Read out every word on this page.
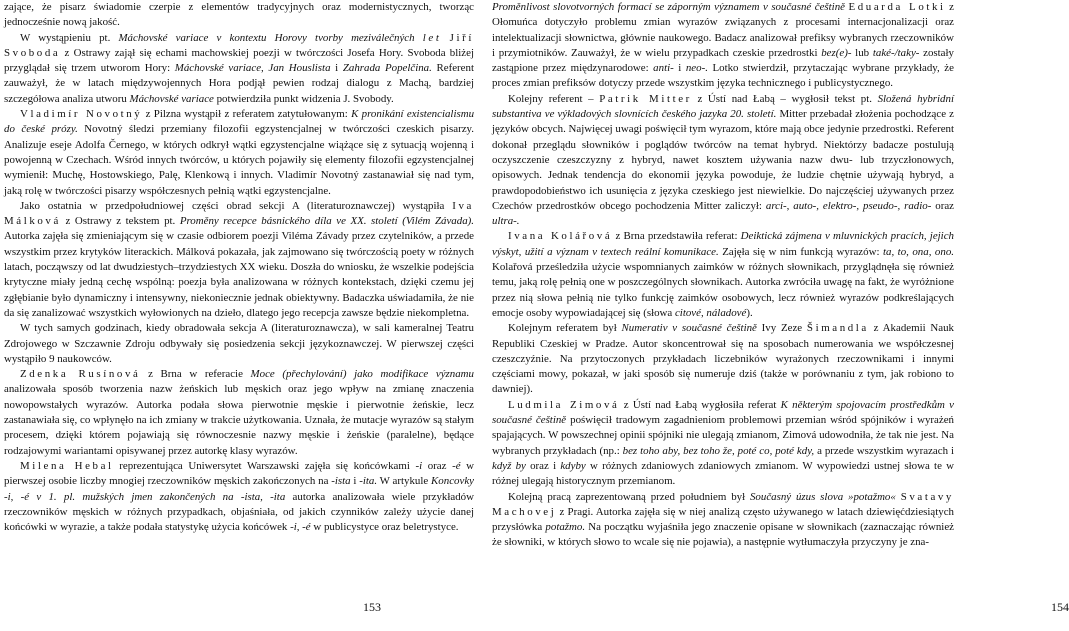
zające, że pisarz świadomie czerpie z elementów tradycyjnych oraz modernistycznych, tworząc jednocześnie nową jakość.

W wystąpieniu pt. Máchovské variace v kontextu Horovy tvorby meziválečných let Jiří Svoboda z Ostrawy zajął się echami machowskiej poezji w twórczości Josefa Hory. Svoboda bliżej przyglądał się trzem utworom Hory: Máchovské variace, Jan Houslista i Zahrada Popelčina. Referent zauważył, że w latach międzywojennych Hora podjął pewien rodzaj dialogu z Machą, bardziej szczegółowa analiza utworu Máchovské variace potwierdziła punkt widzenia J. Svobody.

Vladimír Novotný z Pilzna wystąpił z referatem zatytułowanym: K pronikání existencialismu do české prózy. Novotný śledzi przemiany filozofii egzystencjalnej w twórczości czeskich pisarzy. Analizuje eseje Adolfa Černego, w których odkrył wątki egzystencjalne wiążące się z sytuacją wojenną i powojenną w Czechach. Wśród innych twórców, u których pojawiły się elementy filozofii egzystencjalnej wymienił: Muchę, Hostowskiego, Palę, Klenkową i innych. Vladimír Novotný zastanawiał się nad tym, jaką rolę w twórczości pisarzy współczesnych pełnią wątki egzystencjalne.

Jako ostatnia w przedpołudniowej części obrad sekcji A (literaturoznawczej) wystąpiła Iva Málková z Ostrawy z tekstem pt. Proměny recepce básnického díla ve XX. století (Vilém Závada). Autorka zajęła się zmieniającym się w czasie odbiorem poezji Viléma Závady przez czytelników, a przede wszystkim przez krytyków literackich. Málková pokazała, jak zajmowano się twórczością poety w różnych latach, począwszy od lat dwudziestych–trzydziestych XX wieku. Doszła do wniosku, że wszelkie podejścia krytyczne miały jedną cechę wspólną: poezja była analizowana w różnych kontekstach, dzięki czemu jej zgłębianie było dynamiczny i intensywny, niekoniecznie jednak obiektywny. Badaczka uświadamiła, że nie da się zanalizować wszystkich wyłowionych na dzieło, dlatego jego recepcja zawsze będzie niekompletna.

W tych samych godzinach, kiedy obradowała sekcja A (literaturoznawcza), w sali kameralnej Teatru Zdrojowego w Szczawnie Zdroju odbywały się posiedzenia sekcji językoznawczej. W pierwszej części wystąpiło 9 naukowców.

Zdenka Rusínová z Brna w referacie Moce (přechylování) jako modifikace významu analizowała sposób tworzenia nazw żeńskich lub męskich oraz jego wpływ na zmianę znaczenia nowopowstałych wyrazów. Autorka podała słowa pierwotnie męskie i pierwotnie żeńskie, lecz zastanawiała się, co wpłynęło na ich zmiany w trakcie użytkowania. Uznała, że mutacje wyrazów są stałym procesem, dzięki którem pojawiają się równoczesnie nazwy męskie i żeńskie (paralelne), będące rodzajowymi wariantami opisywanej przez autorkę klasy wyrazów.

Milena Hebal reprezentująca Uniwersytet Warszawski zajęła się końcówkami -i oraz -é w pierwszej osobie liczby mnogiej rzeczowników męskich zakończonych na -ista i -ita. W artykule Koncovky -i, -é v 1. pl. mužských jmen zakončených na -ista, -ita autorka analizowała wiele przykładów rzeczowników męskich w różnych przypadkach, objaśniała, od jakich czynników zależy użycie danej końcówki w wyrazie, a także podała statystykę użycia końcówek -i, -é w publicystyce oraz beletrystyce.

153

Proměnlivost slovotvorných formací se záporným významem v současné češtině Eduarda Lotki z Ołomuńca dotyczyło problemu zmian wyrazów związanych z procesami internacjonalizacji oraz intelektualizacji słownictwa, głównie naukowego. Badacz analizował prefiksy wybranych rzeczowników i przymiotników. Zauważył, że w wielu przypadkach czeskie przedrostki bez(e)- lub také-/taky- zostały zastąpione przez międzynarodowe: anti- i neo-. Lotko stwierdził, przytaczając wybrane przykłady, że proces zmian prefiksów dotyczy przede wszystkim języka technicznego i publicystycznego.

Kolejny referent – Patrik Mitter z Ústí nad Łabą – wygłosił tekst pt. Složená hybridní substantiva ve výkladových slovnících českého jazyka 20. století. Mitter przebadał złożenia pochodzące z języków obcych. Najwięcej uwagi poświęcił tym wyrazom, które mają obce jedynie przedrostki. Referent dokonał przeglądu słowników i poglądów twórców na temat hybryd. Niektórzy badacze postulują oczyszczenie czeszczyzny z hybryd, nawet kosztem używania nazw dwu- lub trzyczłonowych, opisowych. Jednak tendencja do ekonomii języka powoduje, że ludzie chętnie używają hybryd, a prawdopodobieństwo ich usunięcia z języka czeskiego jest niewielkie. Do najczęściej używanych przez Czechów przedrostków obcego pochodzenia Mitter zaliczył: arci-, auto-, elektro-, pseudo-, radio- oraz ultra-.

Ivana Kolářová z Brna przedstawiła referat: Deiktická zájmena v mluvnických pracích, jejich výskyt, užití a význam v textech reální komunikace. Zajęła się w nim funkcją wyrazów: ta, to, ona, ono. Kolařová prześledziła użycie wspomnianych zaimków w różnych słownikach, przyglądnęła się również temu, jaką rolę pełnią one w poszczególnych słownikach. Autorka zwróciła uwagę na fakt, że wyróżnione przez nią słowa pełnią nie tylko funkcję zaimków osobowych, lecz również wyrazów podkreślających emocje osoby wypowiadającej się (słowa citové, náladové).

Kolejnym referatem był Numerativ v současné češtině Ivy Zeze Šimandla z Akademii Nauk Republiki Czeskiej w Pradze. Autor skoncentrował się na sposobach numerowania we współczesnej czeszczyźnie. Na przytoczonych przykładach liczebników wyrażonych rzeczownikami i innymi częściami mowy, pokazał, w jaki sposób się numeruje dziś (także w porównaniu z tym, jak robiono to dawniej).

Ludmila Zimová z Ústí nad Łabą wygłosiła referat K některým spojovacím prostředkům v současné češtině poświęcił tradowym zagadnieniom problemowi przemian wśród spójników i wyrażeń spajających. W powszechnej opinii spójniki nie ulegają zmianom, Zimová udowodniła, że tak nie jest. Na wybranych przykładach (np.: bez toho aby, bez toho že, poté co, poté kdy, a przede wszystkim wyrazach i když by oraz i kdyby w różnych zdaniowych zdaniowych zmianom. W wypowiedzi ustnej słowa te w różnej ulegają historycznym przemianom.

Kolejną pracą zaprezentowaną przed południem był Současný úzus slova »potažmo« Svatavy Machovej z Pragi. Autorka zajęła się w niej analizą często używanego w latach dziewięćdziesiątych przysłówka potažmo. Na początku wyjaśniła jego znaczenie opisane w słownikach (zaznaczając również że słowniki, w których słowo to wcale się nie pojawia), a następnie wytłumaczyła przyczyny je zna-

154
